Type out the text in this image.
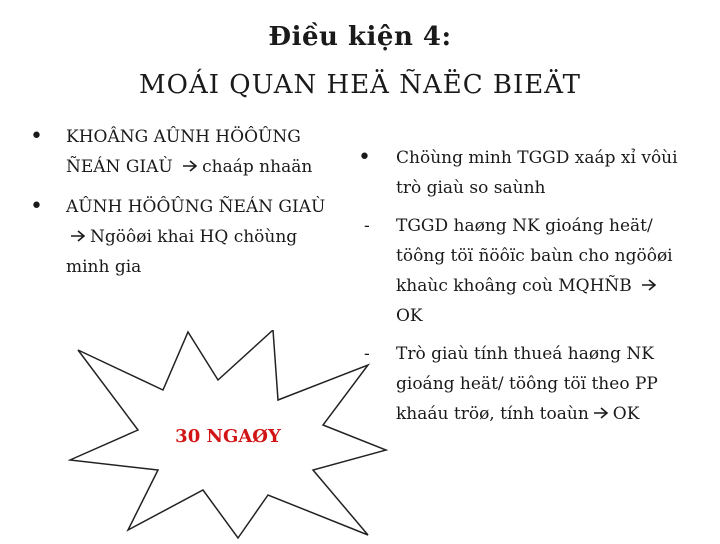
Điều kiện 4:
MOÁI QUAN HEÄ ÑAËC BIEÄT
• KHOÂNG AÛNH HÖÔÛNG ÑEÁN GIAÙ chaáp nhaän
• AÛNH HÖÔÛNG ÑEÁN GIAÙ
Ngöôøi khai HQ chöùng minh gia
• Chöùng minh TGGD xaáp xỉ vôùi trò giaù so saùnh
- TGGD haøng NK gioáng heät/ töông töï ñöôïc baùn cho ngöôøi khaùc khoâng coù MQHÑB  OK
- Trò giaù tính thueá haøng NK gioáng heät/ töông töï theo PP khaáu tröø, tính toaùn OK
30 NGAØY
